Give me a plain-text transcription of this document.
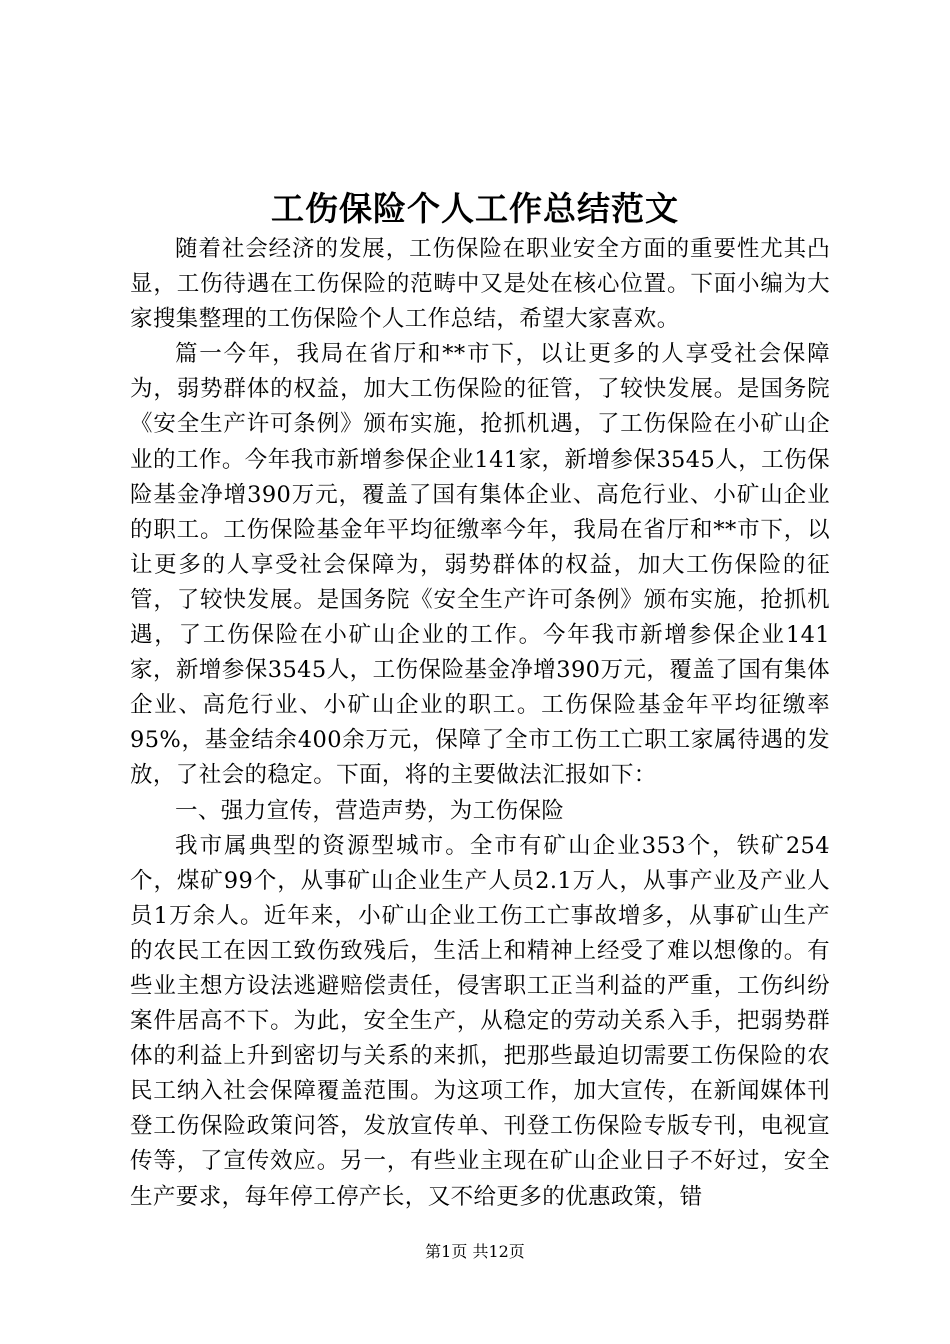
工伤保险个人工作总结范文

随着社会经济的发展，工伤保险在职业安全方面的重要性尤其凸显，工伤待遇在工伤保险的范畴中又是处在核心位置。下面小编为大家搜集整理的工伤保险个人工作总结，希望大家喜欢。

篇一今年，我局在省厅和**市下，以让更多的人享受社会保障为，弱势群体的权益，加大工伤保险的征管，了较快发展。是国务院《安全生产许可条例》颁布实施，抢抓机遇，了工伤保险在小矿山企业的工作。今年我市新增参保企业141家，新增参保3545人，工伤保险基金净增390万元，覆盖了国有集体企业、高危行业、小矿山企业的职工。工伤保险基金年平均征缴率今年，我局在省厅和**市下，以让更多的人享受社会保障为，弱势群体的权益，加大工伤保险的征管，了较快发展。是国务院《安全生产许可条例》颁布实施，抢抓机遇，了工伤保险在小矿山企业的工作。今年我市新增参保企业141家，新增参保3545人，工伤保险基金净增390万元，覆盖了国有集体企业、高危行业、小矿山企业的职工。工伤保险基金年平均征缴率95%，基金结余400余万元，保障了全市工伤工亡职工家属待遇的发放，了社会的稳定。下面，将的主要做法汇报如下：

一、强力宣传，营造声势，为工伤保险

我市属典型的资源型城市。全市有矿山企业353个，铁矿254个，煤矿99个，从事矿山企业生产人员2.1万人，从事产业及产业人员1万余人。近年来，小矿山企业工伤工亡事故增多，从事矿山生产的农民工在因工致伤致残后，生活上和精神上经受了难以想像的。有些业主想方设法逃避赔偿责任，侵害职工正当利益的严重，工伤纠纷案件居高不下。为此，安全生产，从稳定的劳动关系入手，把弱势群体的利益上升到密切与关系的来抓，把那些最迫切需要工伤保险的农民工纳入社会保障覆盖范围。为这项工作，加大宣传，在新闻媒体刊登工伤保险政策问答，发放宣传单、刊登工伤保险专版专刊，电视宣传等，了宣传效应。另一，有些业主现在矿山企业日子不好过，安全生产要求，每年停工停产长，又不给更多的优惠政策，错

第1页 共12页
